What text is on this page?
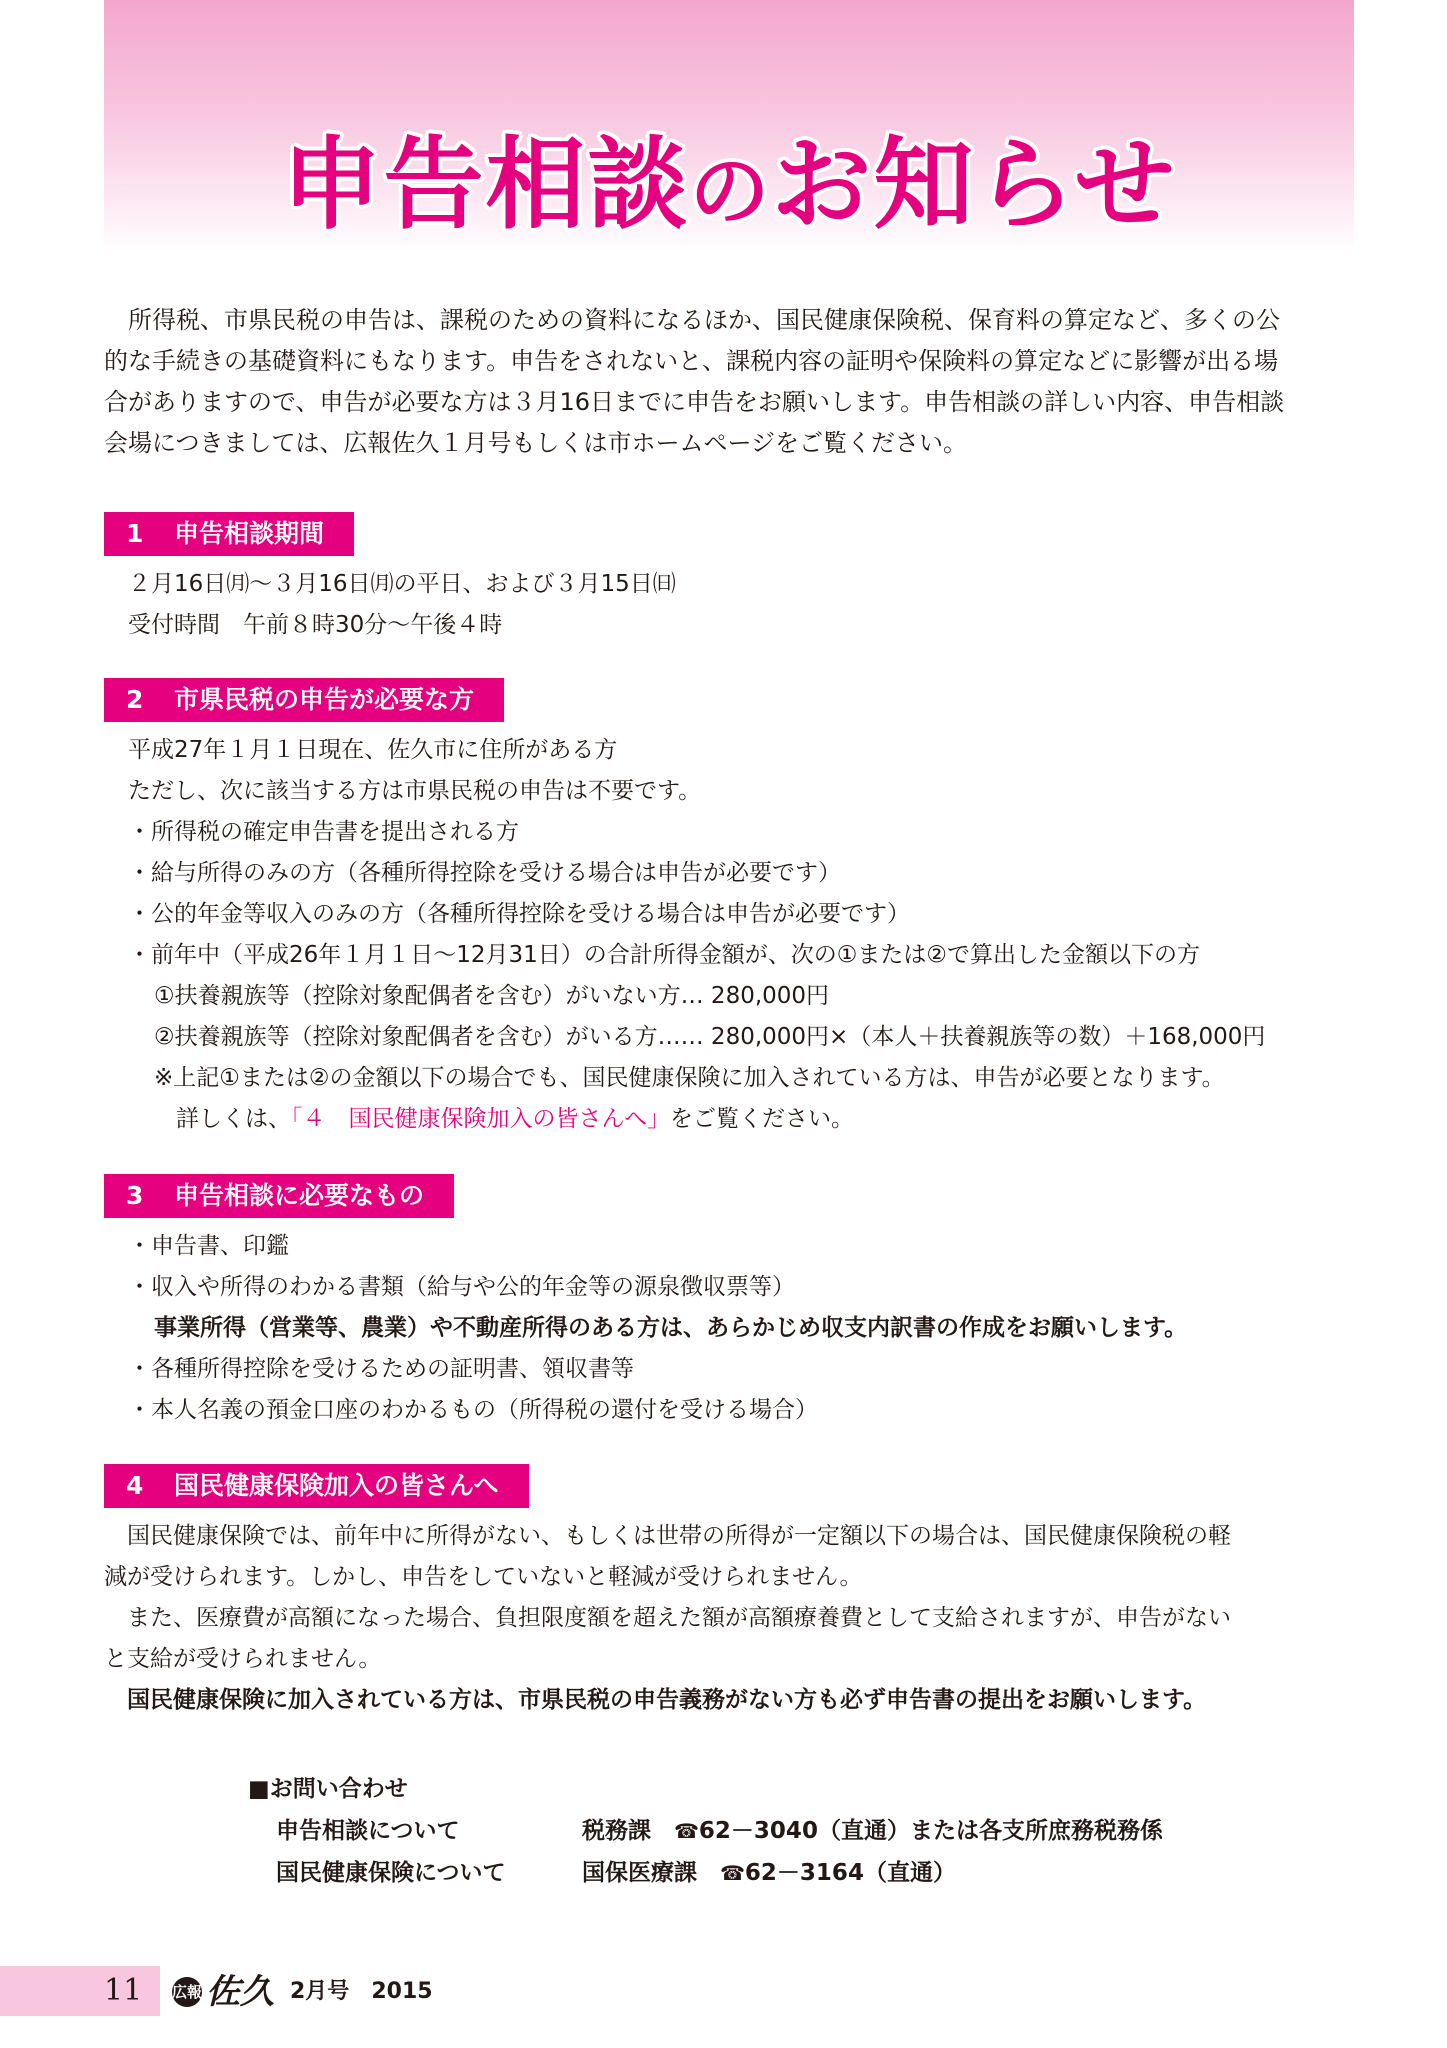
申告相談のお知らせ

　所得税、市県民税の申告は、課税のための資料になるほか、国民健康保険税、保育料の算定など、多くの公
的な手続きの基礎資料にもなります。申告をされないと、課税内容の証明や保険料の算定などに影響が出る場
合がありますので、申告が必要な方は３月16日までに申告をお願いします。申告相談の詳しい内容、申告相談
会場につきましては、広報佐久１月号もしくは市ホームページをご覧ください。

1 申告相談期間
２月16日㈪～３月16日㈪の平日、および３月15日㈰
受付時間　午前８時30分～午後４時
2 市県民税の申告が必要な方
平成27年１月１日現在、佐久市に住所がある方
ただし、次に該当する方は市県民税の申告は不要です。
・所得税の確定申告書を提出される方
・給与所得のみの方（各種所得控除を受ける場合は申告が必要です）
・公的年金等収入のみの方（各種所得控除を受ける場合は申告が必要です）
・前年中（平成26年１月１日～12月31日）の合計所得金額が、次の①または②で算出した金額以下の方
①扶養親族等（控除対象配偶者を含む）がいない方… 280,000円
②扶養親族等（控除対象配偶者を含む）がいる方…… 280,000円×（本人＋扶養親族等の数）＋168,000円
※上記①または②の金額以下の場合でも、国民健康保険に加入されている方は、申告が必要となります。
詳しくは、「４　国民健康保険加入の皆さんへ」をご覧ください。
3 申告相談に必要なもの
・申告書、印鑑
・収入や所得のわかる書類（給与や公的年金等の源泉徴収票等）
事業所得（営業等、農業）や不動産所得のある方は、あらかじめ収支内訳書の作成をお願いします。
・各種所得控除を受けるための証明書、領収書等
・本人名義の預金口座のわかるもの（所得税の還付を受ける場合）
4 国民健康保険加入の皆さんへ
　国民健康保険では、前年中に所得がない、もしくは世帯の所得が一定額以下の場合は、国民健康保険税の軽
減が受けられます。しかし、申告をしていないと軽減が受けられません。
　また、医療費が高額になった場合、負担限度額を超えた額が高額療養費として支給されますが、申告がない
と支給が受けられません。
　国民健康保険に加入されている方は、市県民税の申告義務がない方も必ず申告書の提出をお願いします。
■お問い合わせ
申告相談について	税務課　 ☎62－3040（直通）または各支所庶務税務係
国民健康保険について	国保医療課　 ☎62－3164（直通）
11 広報 佐久 2月号　 2015
